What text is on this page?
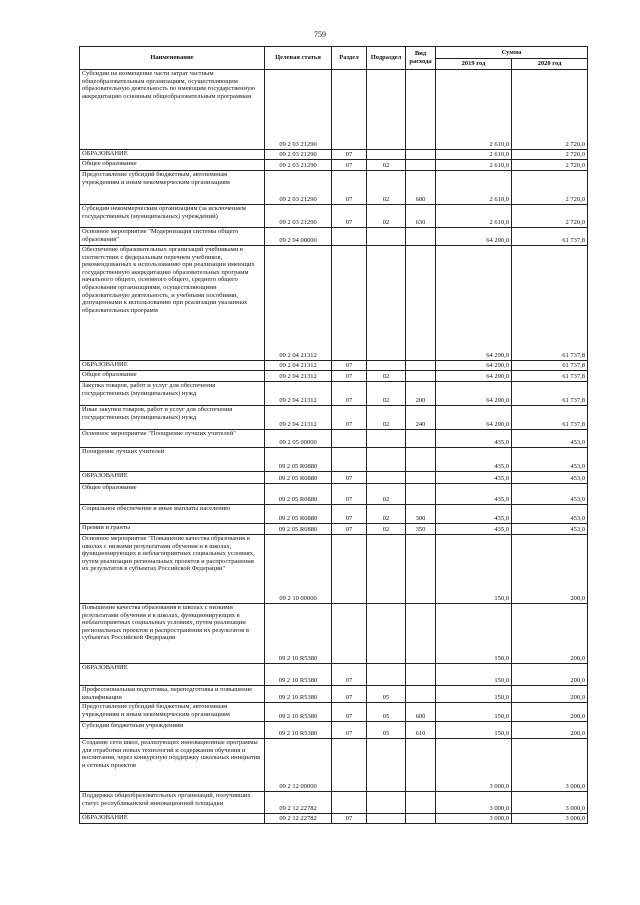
759
Наименование	Целевая статья	Раздел	Подраздел	Вид расхода	Сумма	
					2019 год	2020 год
Субсидии на возмещение части затрат частным общеобразовательным организациям, осуществляющим образовательную деятельность по имеющим государственную аккредитацию основным общеобразовательным программам	09 2 03 21290				2 610,0	2 720,0
ОБРАЗОВАНИЕ	09 2 03 21290	07			2 610,0	2 720,0
Общее образование	09 2 03 21290	07	02		2 610,0	2 720,0
Предоставление субсидий бюджетным, автономным учреждениям и иным некоммерческим организациям	09 2 03 21290	07	02	600	2 610,0	2 720,0
Субсидии некоммерческим организациям (за исключением государственных (муниципальных) учреждений)	09 2 03 21290	07	02	630	2 610,0	2 720,0
Основное мероприятие "Модернизация системы общего образования"	09 2 04 00000				64 290,0	61 737,8
Обеспечение образовательных организаций учебниками в соответствии с федеральным перечнем учебников, рекомендованных к использованию при реализации имеющих государственную аккредитацию образовательных программ начального общего, основного общего, среднего общего образования организациями, осуществляющими образовательную деятельность, и учебными пособиями, допущенными к использованию при реализации указанных образовательных программ	09 2 04 21312				64 290,0	61 737,8
ОБРАЗОВАНИЕ	09 2 04 21312	07			64 290,0	61 737,8
Общее образование	09 2 04 21312	07	02		64 290,0	61 737,8
Закупка товаров, работ и услуг для обеспечения государственных (муниципальных) нужд	09 2 04 21312	07	02	200	64 290,0	61 737,8
Иные закупки товаров, работ и услуг для обеспечения государственных (муниципальных) нужд	09 2 04 21312	07	02	240	64 290,0	61 737,8
Основное мероприятие "Поощрение лучших учителей"	09 2 05 00000				435,0	453,0
Поощрение лучших учителей	09 2 05 R0880				435,0	453,0
ОБРАЗОВАНИЕ	09 2 05 R0880	07			435,0	453,0
Общее образование	09 2 05 R0880	07	02		435,0	453,0
Социальное обеспечение и иные выплаты населению	09 2 05 R0880	07	02	300	435,0	453,0
Премии и гранты	09 2 05 R0880	07	02	350	435,0	453,0
Основное мероприятие "Повышение качества образования в школах с низкими результатами обучения и в школах, функционирующих в неблагоприятных социальных условиях, путем реализации региональных проектов и распространения их результатов в субъектах Российской Федерации"	09 2 10 00000				150,0	200,0
Повышение качества образования в школах с низкими результатами обучения и в школах, функционирующих в неблагоприятных социальных условиях, путем реализации региональных проектов и распространения их результатов в субъектах Российской Федерации	09 2 10 R5380				150,0	200,0
ОБРАЗОВАНИЕ	09 2 10 R5380	07			150,0	200,0
Профессиональная подготовка, переподготовка и повышение квалификации	09 2 10 R5380	07	05		150,0	200,0
Предоставление субсидий бюджетным, автономным учреждениям и иным некоммерческим организациям	09 2 10 R5380	07	05	600	150,0	200,0
Субсидии бюджетным учреждениям	09 2 10 R5380	07	05	610	150,0	200,0
Создание сети школ, реализующих инновационные программы для отработки новых технологий и содержания обучения и воспитания, через конкурсную поддержку школьных инициатив и сетевых проектов	09 2 12 00000				3 000,0	3 000,0
Поддержка общеобразовательных организаций, получивших статус республиканской инновационной площадки	09 2 12 22782				3 000,0	3 000,0
ОБРАЗОВАНИЕ	09 2 12 22782	07			3 000,0	3 000,0
